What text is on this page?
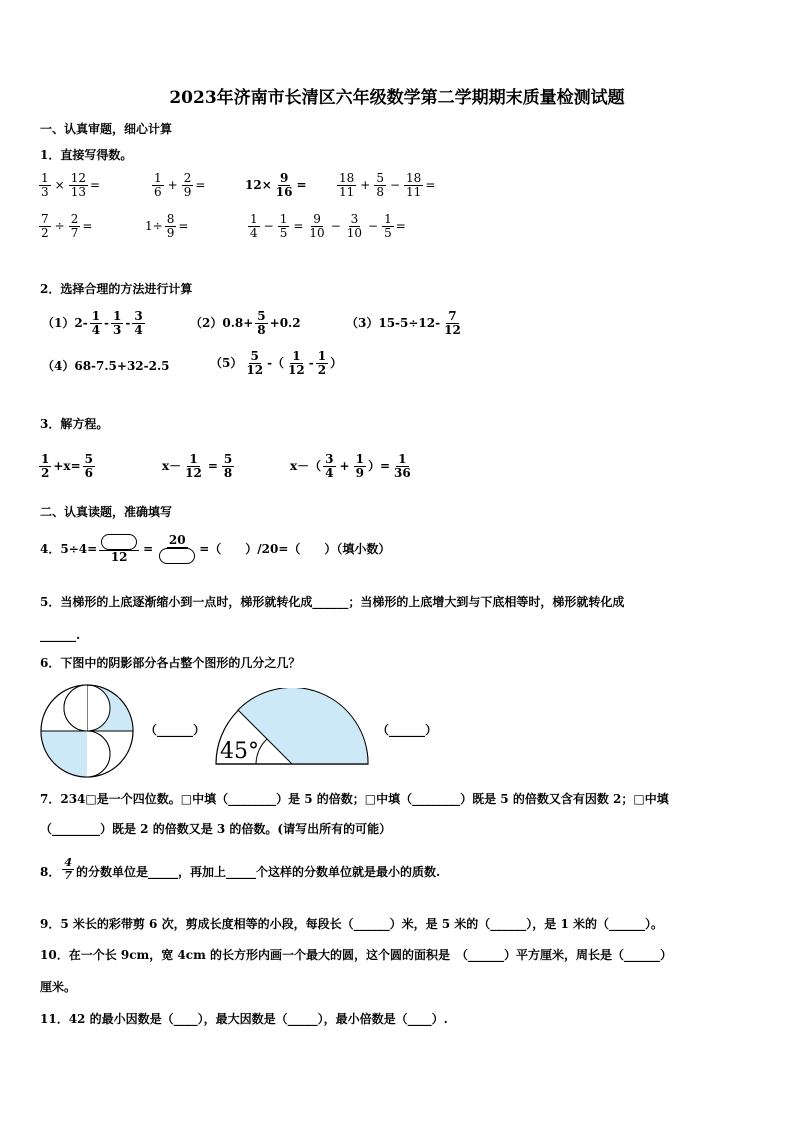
2023年济南市长清区六年级数学第二学期期末质量检测试题
一、认真审题，细心计算
1．直接写得数。
$\frac{1}{3} \times \frac{12}{13}$ =	$\frac{1}{6} + \frac{2}{9}$ =	$12\times \frac{9}{16}$ =	$\frac{18}{11} + \frac{5}{8} - \frac{18}{11}$ =
$\frac{7}{2} \div \frac{2}{7}$ =	$1\div \frac{8}{9}$ =	$\frac{1}{4} - \frac{1}{5} = \frac{9}{10} - \frac{3}{10} - \frac{1}{5}$ =
2．选择合理的方法进行计算
$(1)2- \frac{1}{4} - \frac{1}{3} - \frac{3}{4}$	$(2)0.8+ \frac{5}{8} +0.2$	$(3)15-5\div 12- \frac{7}{12}$
（4）68-7.5+32-2.5	$(5) \frac{5}{12}$ -（ $\frac{1}{12} - \frac{1}{2}$ ）
3．解方程。
$\frac{1}{2} +x= \frac{5}{6}$	$x- \frac{1}{12} = \frac{5}{8}$	$x-( \frac{3}{4} + \frac{1}{9}$ ）= $\frac{1}{36}$
二、认真读题，准确填写
4．5÷4=
12
=
20
=（　　）/20=（　　）（填小数）
5．当梯形的上底逐渐缩小到一点时，梯形就转化成______；当梯形的上底增大到与下底相等时，梯形就转化成
______.
6．下图中的阴影部分各占整个图形的几分之几？
（______）
45°
（______）
7．234□是一个四位数。□中填（________）是 5 的倍数；□中填（________）既是 5 的倍数又含有因数 2；□中填
（________）既是 2 的倍数又是 3 的倍数。(请写出所有的可能）
8． $\frac{4}{7}$ 的分数单位是_____，再加上_____个这样的分数单位就是最小的质数.
9．5 米长的彩带剪 6 次，剪成长度相等的小段，每段长（______）米，是 5 米的（______），是 1 米的（______）。
10．在一个长 9cm，宽 4cm 的长方形内画一个最大的圆，这个圆的面积是　（______）平方厘米，周长是（______）
厘米。
11．42 的最小因数是（____），最大因数是（_____），最小倍数是（____）.
